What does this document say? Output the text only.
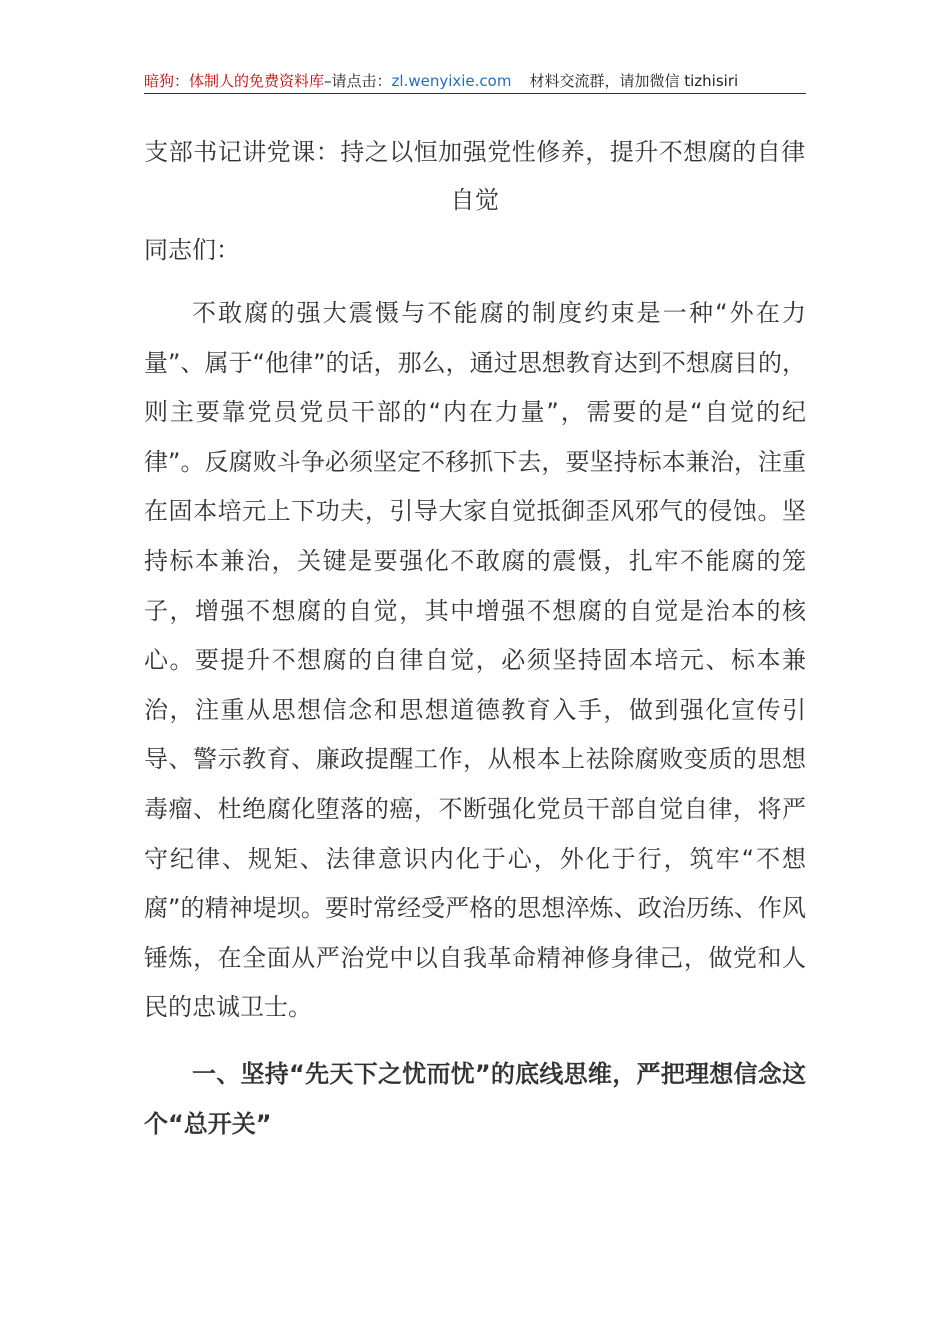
暗狗：体制人的免费资料库–请点击：zl.wenyixie.com 材料交流群，请加微信 tizhisiri
支部书记讲党课：持之以恒加强党性修养，提升不想腐的自律自觉
同志们：

不敢腐的强大震慑与不能腐的制度约束是一种“外在力量”、属于“他律”的话，那么，通过思想教育达到不想腐目的，则主要靠党员党员干部的“内在力量”，需要的是“自觉的纪律”。反腐败斗争必须坚定不移抓下去，要坚持标本兼治，注重在固本培元上下功夫，引导大家自觉抵御歪风邪气的侵蚀。坚持标本兼治，关键是要强化不敢腐的震慑，扎牢不能腐的笼子，增强不想腐的自觉，其中增强不想腐的自觉是治本的核心。要提升不想腐的自律自觉，必须坚持固本培元、标本兼治，注重从思想信念和思想道德教育入手，做到强化宣传引导、警示教育、廉政提醒工作，从根本上祛除腐败变质的思想毒瘤、杜绝腐化堕落的癌，不断强化党员干部自觉自律，将严守纪律、规矩、法律意识内化于心，外化于行，筑牢“不想腐”的精神堤坝。要时常经受严格的思想淬炼、政治历练、作风锤炼，在全面从严治党中以自我革命精神修身律己，做党和人民的忠诚卫士。

一、坚持“先天下之忧而忧”的底线思维，严把理想信念这个“总开关”
